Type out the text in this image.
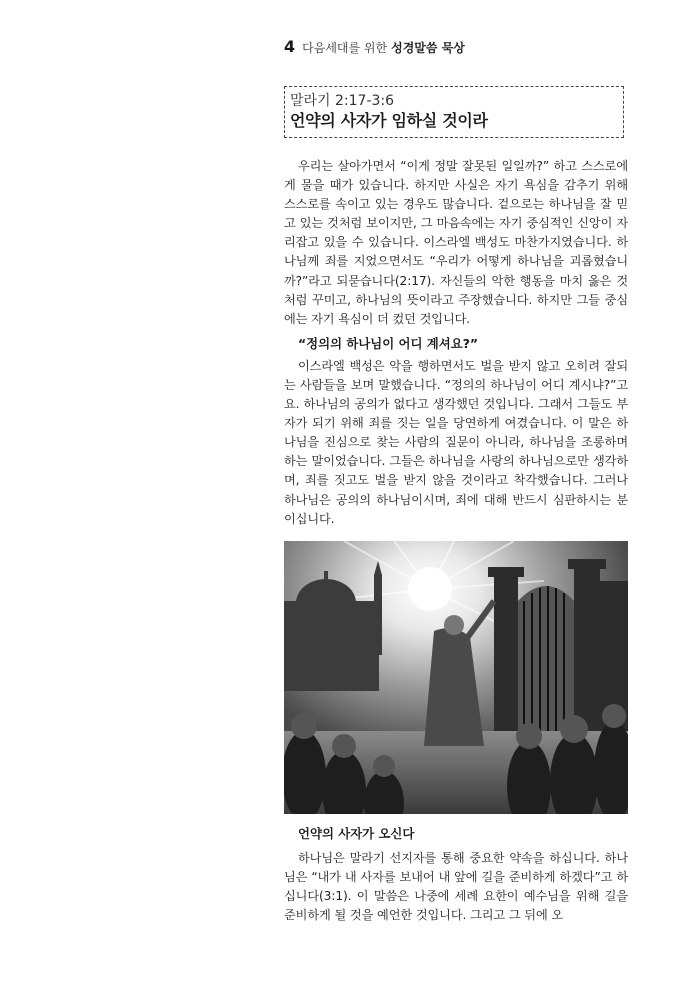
4 다음세대를 위한 성경말씀 묵상
말라기 2:17-3:6
언약의 사자가 임하실 것이라

우리는 살아가면서 “이게 정말 잘못된 일일까?” 하고 스스로에게 물을 때가 있습니다. 하지만 사실은 자기 욕심을 감추기 위해 스스로를 속이고 있는 경우도 많습니다. 겉으로는 하나님을 잘 믿고 있는 것처럼 보이지만, 그 마음속에는 자기 중심적인 신앙이 자리잡고 있을 수 있습니다. 이스라엘 백성도 마찬가지였습니다. 하나님께 죄를 지었으면서도 “우리가 어떻게 하나님을 괴롭혔습니까?”라고 되묻습니다(2:17). 자신들의 악한 행동을 마치 옳은 것처럼 꾸미고, 하나님의 뜻이라고 주장했습니다. 하지만 그들 중심에는 자기 욕심이 더 컸던 것입니다.

“정의의 하나님이 어디 계셔요?”

이스라엘 백성은 악을 행하면서도 벌을 받지 않고 오히려 잘되는 사람들을 보며 말했습니다. “정의의 하나님이 어디 계시냐?”고요. 하나님의 공의가 없다고 생각했던 것입니다. 그래서 그들도 부자가 되기 위해 죄를 짓는 일을 당연하게 여겼습니다. 이 말은 하나님을 진심으로 찾는 사람의 질문이 아니라, 하나님을 조롱하며 하는 말이었습니다. 그들은 하나님을 사랑의 하나님으로만 생각하며, 죄를 짓고도 벌을 받지 않을 것이라고 착각했습니다. 그러나 하나님은 공의의 하나님이시며, 죄에 대해 반드시 심판하시는 분이십니다.

언약의 사자가 오신다

하나님은 말라기 선지자를 통해 중요한 약속을 하십니다. 하나님은 “내가 내 사자를 보내어 내 앞에 길을 준비하게 하겠다”고 하십니다(3:1). 이 말씀은 나중에 세례 요한이 예수님을 위해 길을 준비하게 될 것을 예언한 것입니다. 그리고 그 뒤에 오
